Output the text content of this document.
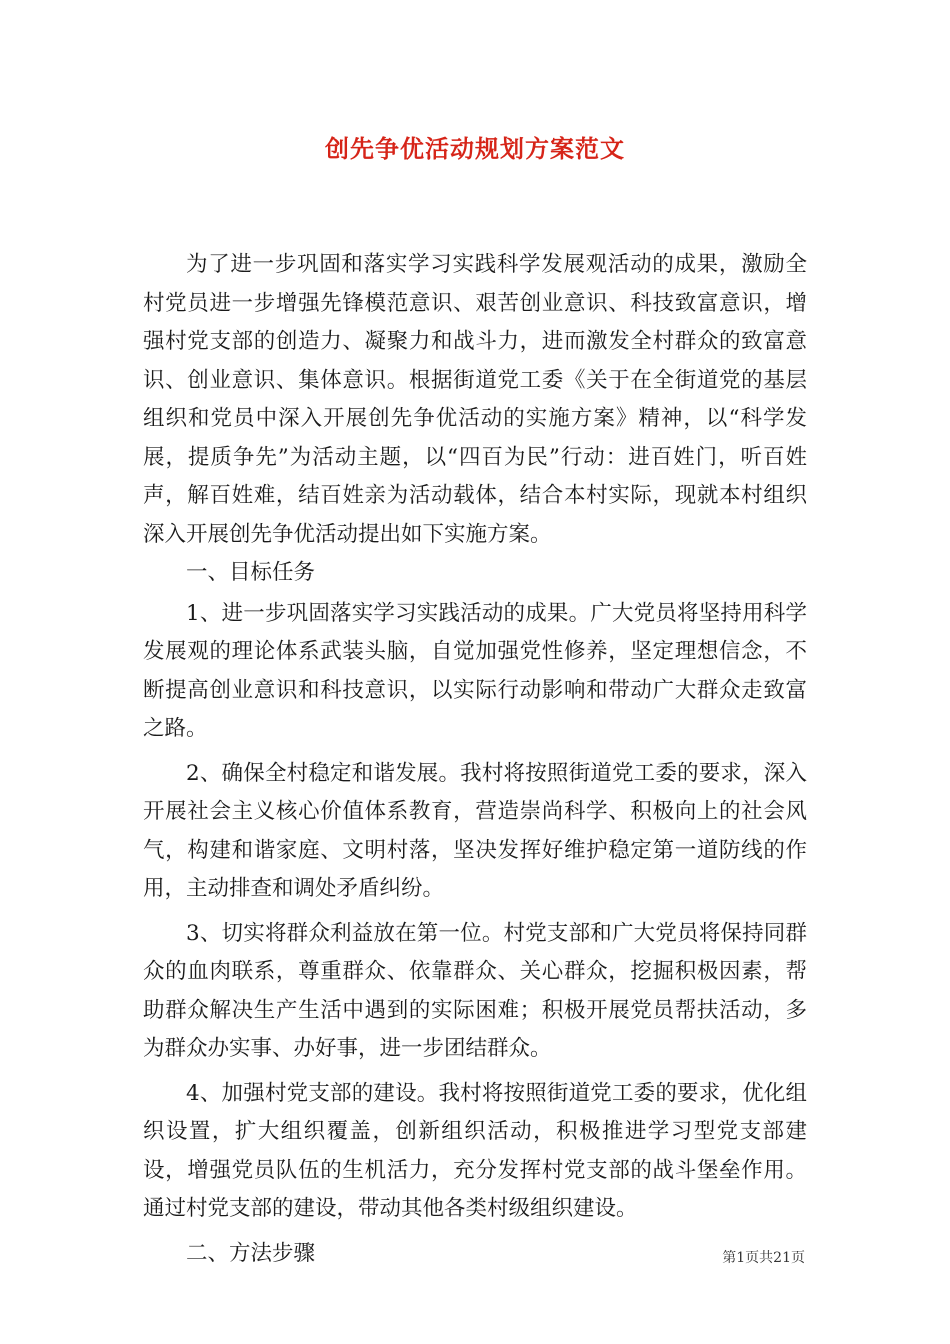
创先争优活动规划方案范文

为了进一步巩固和落实学习实践科学发展观活动的成果，激励全村党员进一步增强先锋模范意识、艰苦创业意识、科技致富意识，增强村党支部的创造力、凝聚力和战斗力，进而激发全村群众的致富意识、创业意识、集体意识。根据街道党工委《关于在全街道党的基层组织和党员中深入开展创先争优活动的实施方案》精神，以“科学发展，提质争先”为活动主题，以“四百为民”行动：进百姓门，听百姓声，解百姓难，结百姓亲为活动载体，结合本村实际，现就本村组织深入开展创先争优活动提出如下实施方案。

一、目标任务

1、进一步巩固落实学习实践活动的成果。广大党员将坚持用科学发展观的理论体系武装头脑，自觉加强党性修养，坚定理想信念，不断提高创业意识和科技意识，以实际行动影响和带动广大群众走致富之路。

2、确保全村稳定和谐发展。我村将按照街道党工委的要求，深入开展社会主义核心价值体系教育，营造崇尚科学、积极向上的社会风气，构建和谐家庭、文明村落，坚决发挥好维护稳定第一道防线的作用，主动排查和调处矛盾纠纷。

3、切实将群众利益放在第一位。村党支部和广大党员将保持同群众的血肉联系，尊重群众、依靠群众、关心群众，挖掘积极因素，帮助群众解决生产生活中遇到的实际困难；积极开展党员帮扶活动，多为群众办实事、办好事，进一步团结群众。

4、加强村党支部的建设。我村将按照街道党工委的要求，优化组织设置，扩大组织覆盖，创新组织活动，积极推进学习型党支部建设，增强党员队伍的生机活力，充分发挥村党支部的战斗堡垒作用。通过村党支部的建设，带动其他各类村级组织建设。

二、方法步骤	第1页共21页
